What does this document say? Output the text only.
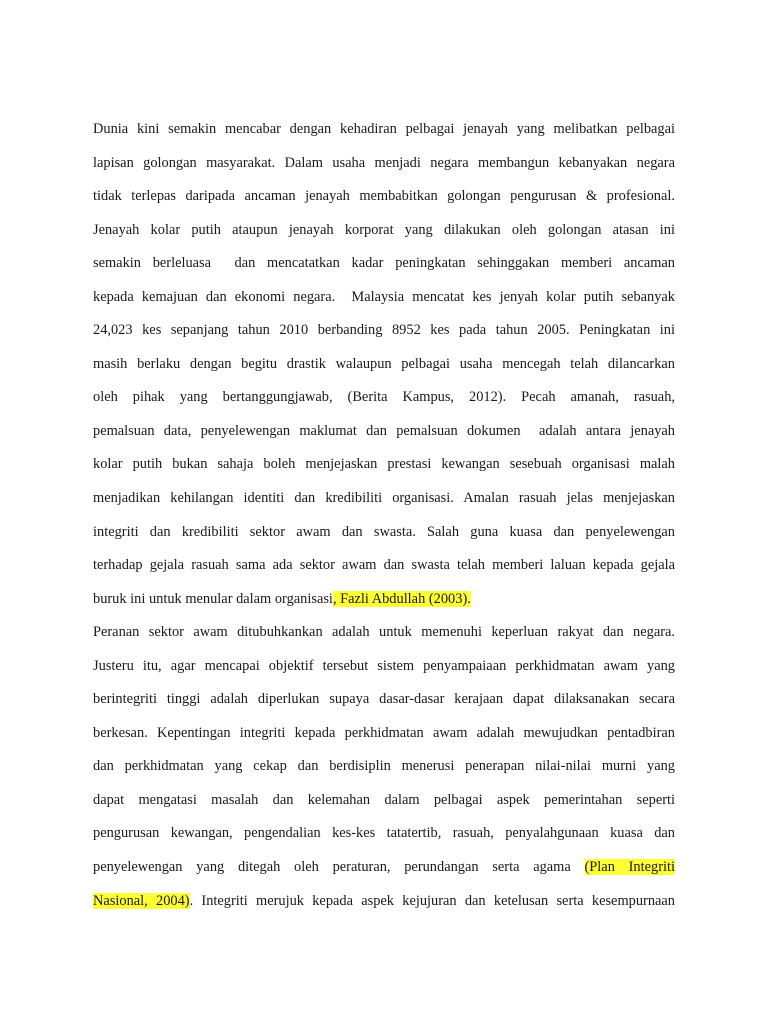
Dunia kini semakin mencabar dengan kehadiran pelbagai jenayah yang melibatkan pelbagai
lapisan golongan masyarakat. Dalam usaha menjadi negara membangun kebanyakan negara
tidak terlepas daripada ancaman jenayah membabitkan golongan pengurusan & profesional.
Jenayah kolar putih ataupun jenayah korporat yang dilakukan oleh golongan atasan ini
semakin berleluasa  dan mencatatkan kadar peningkatan sehinggakan memberi ancaman
kepada kemajuan dan ekonomi negara.  Malaysia mencatat kes jenyah kolar putih sebanyak
24,023 kes sepanjang tahun 2010 berbanding 8952 kes pada tahun 2005. Peningkatan ini
masih berlaku dengan begitu drastik walaupun pelbagai usaha mencegah telah dilancarkan
oleh pihak yang bertanggungjawab, (Berita Kampus, 2012). Pecah amanah, rasuah,
pemalsuan data, penyelewengan maklumat dan pemalsuan dokumen  adalah antara jenayah
kolar putih bukan sahaja boleh menjejaskan prestasi kewangan sesebuah organisasi malah
menjadikan kehilangan identiti dan kredibiliti organisasi. Amalan rasuah jelas menjejaskan
integriti dan kredibiliti sektor awam dan swasta. Salah guna kuasa dan penyelewengan
terhadap gejala rasuah sama ada sektor awam dan swasta telah memberi laluan kepada gejala
buruk ini untuk menular dalam organisasi, Fazli Abdullah (2003).
Peranan sektor awam ditubuhkankan adalah untuk memenuhi keperluan rakyat dan negara.
Justeru itu, agar mencapai objektif tersebut sistem penyampaiaan perkhidmatan awam yang
berintegriti tinggi adalah diperlukan supaya dasar-dasar kerajaan dapat dilaksanakan secara
berkesan. Kepentingan integriti kepada perkhidmatan awam adalah mewujudkan pentadbiran
dan perkhidmatan yang cekap dan berdisiplin menerusi penerapan nilai-nilai murni yang
dapat mengatasi masalah dan kelemahan dalam pelbagai aspek pemerintahan seperti
pengurusan kewangan, pengendalian kes-kes tatatertib, rasuah, penyalahgunaan kuasa dan
penyelewengan yang ditegah oleh peraturan, perundangan serta agama (Plan Integriti
Nasional, 2004). Integriti merujuk kepada aspek kejujuran dan ketelusan serta kesempurnaan
